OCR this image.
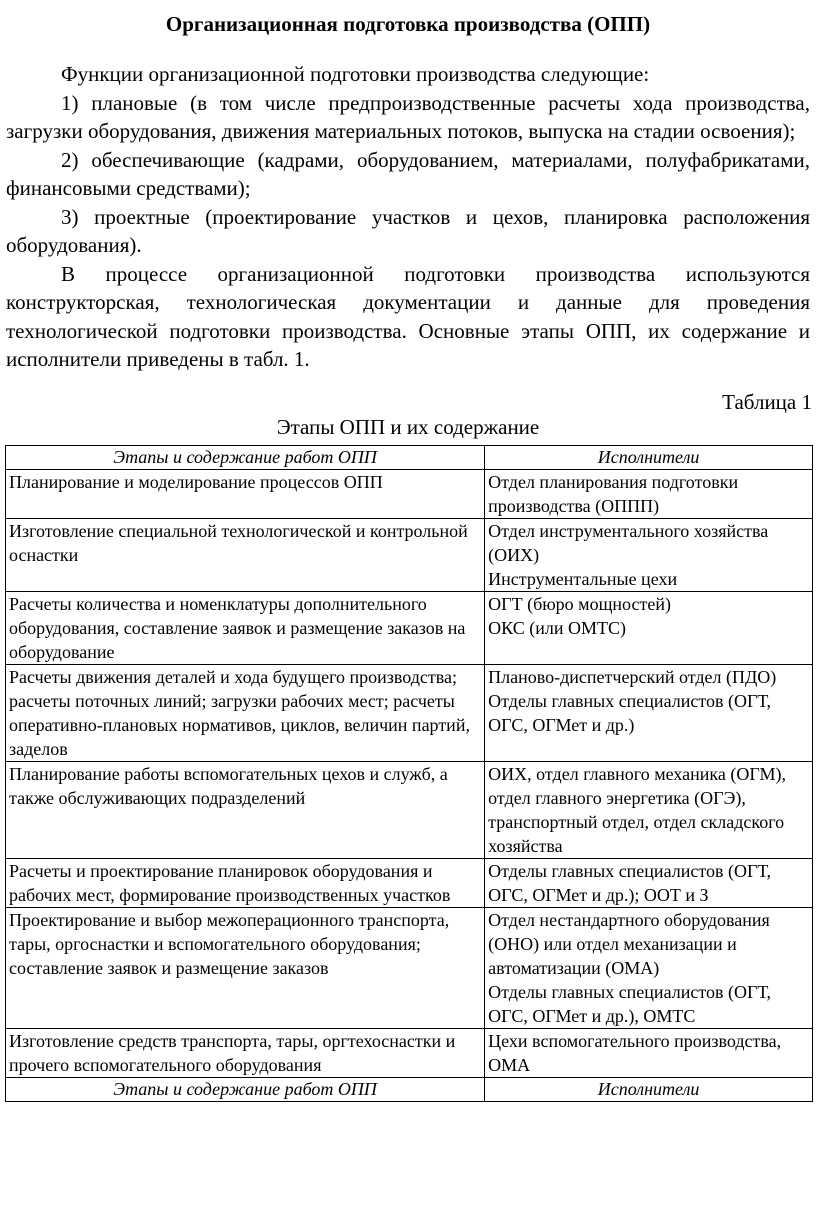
Организационная подготовка производства (ОПП)

Функции организационной подготовки производства следующие:

1) плановые (в том числе предпроизводственные расчеты хода производства, загрузки оборудования, движения материальных потоков, выпуска на стадии освоения);

2) обеспечивающие (кадрами, оборудованием, материалами, полуфабрикатами, финансовыми средствами);

3) проектные (проектирование участков и цехов, планировка расположения оборудования).

В процессе организационной подготовки производства используются конструкторская, технологическая документации и данные для проведения технологической подготовки производства. Основные этапы ОПП, их содержание и исполнители приведены в табл. 1.

Таблица 1

Этапы ОПП и их содержание

Этапы и содержание работ ОПП	Исполнители
Планирование и моделирование процессов ОПП	Отдел планирования подготовки производства (ОППП)

Изготовление специальной технологической и контрольной оснастки	Отдел инструментального хозяйства (ОИХ)
Инструментальные цехи

Расчеты количества и номенклатуры дополнительного оборудования, составление заявок и размещение заказов на оборудование	ОГТ (бюро мощностей)
ОКС (или ОМТС)

Расчеты движения деталей и хода будущего производства; расчеты поточных линий; загрузки рабочих мест; расчеты оперативно-плановых нормативов, циклов, величин партий, заделов	Планово-диспетчерский отдел (ПДО)
Отделы главных специалистов (ОГТ, ОГС, ОГМет и др.)

Планирование работы вспомогательных цехов и служб, а также обслуживающих подразделений	ОИХ, отдел главного механика (ОГМ), отдел главного энергетика (ОГЭ), транспортный отдел, отдел складского хозяйства

Расчеты и проектирование планировок оборудования и рабочих мест, формирование производственных участков	Отделы главных специалистов (ОГТ, ОГС, ОГМет и др.); ООТ и З

Проектирование и выбор межоперационного транспорта, тары, оргоснастки и вспомогательного оборудования; составление заявок и размещение заказов	Отдел нестандартного оборудования (ОНО) или отдел механизации и автоматизации (ОМА)
Отделы главных специалистов (ОГТ, ОГС, ОГМет и др.), ОМТС

Изготовление средств транспорта, тары, оргтехоснастки и прочего вспомогательного оборудования	Цехи вспомогательного производства, ОМА

Этапы и содержание работ ОПП	Исполнители
